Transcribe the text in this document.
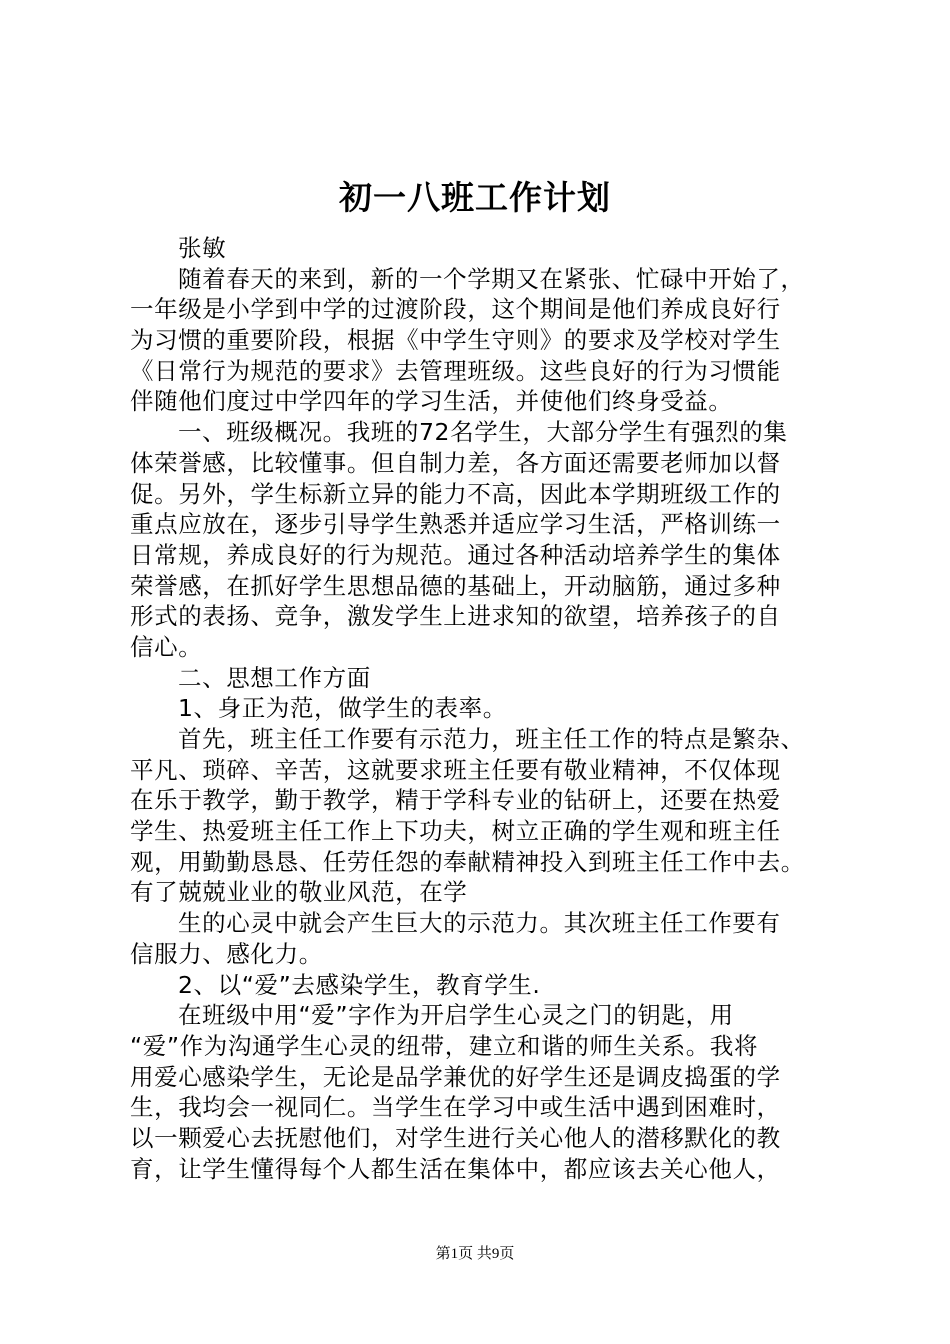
初一八班工作计划
张敏
随着春天的来到，新的一个学期又在紧张、忙碌中开始了，
一年级是小学到中学的过渡阶段，这个期间是他们养成良好行
为习惯的重要阶段，根据《中学生守则》的要求及学校对学生
《日常行为规范的要求》去管理班级。这些良好的行为习惯能
伴随他们度过中学四年的学习生活，并使他们终身受益。
一、班级概况。我班的72名学生，大部分学生有强烈的集
体荣誉感，比较懂事。但自制力差，各方面还需要老师加以督
促。另外，学生标新立异的能力不高，因此本学期班级工作的
重点应放在，逐步引导学生熟悉并适应学习生活，严格训练一
日常规，养成良好的行为规范。通过各种活动培养学生的集体
荣誉感，在抓好学生思想品德的基础上，开动脑筋，通过多种
形式的表扬、竞争，激发学生上进求知的欲望，培养孩子的自
信心。
二、思想工作方面
1、身正为范，做学生的表率。
首先，班主任工作要有示范力，班主任工作的特点是繁杂、
平凡、琐碎、辛苦，这就要求班主任要有敬业精神，不仅体现
在乐于教学，勤于教学，精于学科专业的钻研上，还要在热爱
学生、热爱班主任工作上下功夫，树立正确的学生观和班主任
观，用勤勤恳恳、任劳任怨的奉献精神投入到班主任工作中去。
有了兢兢业业的敬业风范，在学
生的心灵中就会产生巨大的示范力。其次班主任工作要有
信服力、感化力。
2、以“爱”去感染学生，教育学生.
在班级中用“爱”字作为开启学生心灵之门的钥匙，用
“爱”作为沟通学生心灵的纽带，建立和谐的师生关系。我将
用爱心感染学生，无论是品学兼优的好学生还是调皮捣蛋的学
生，我均会一视同仁。当学生在学习中或生活中遇到困难时，
以一颗爱心去抚慰他们，对学生进行关心他人的潜移默化的教
育，让学生懂得每个人都生活在集体中，都应该去关心他人，
第1页 共9页
